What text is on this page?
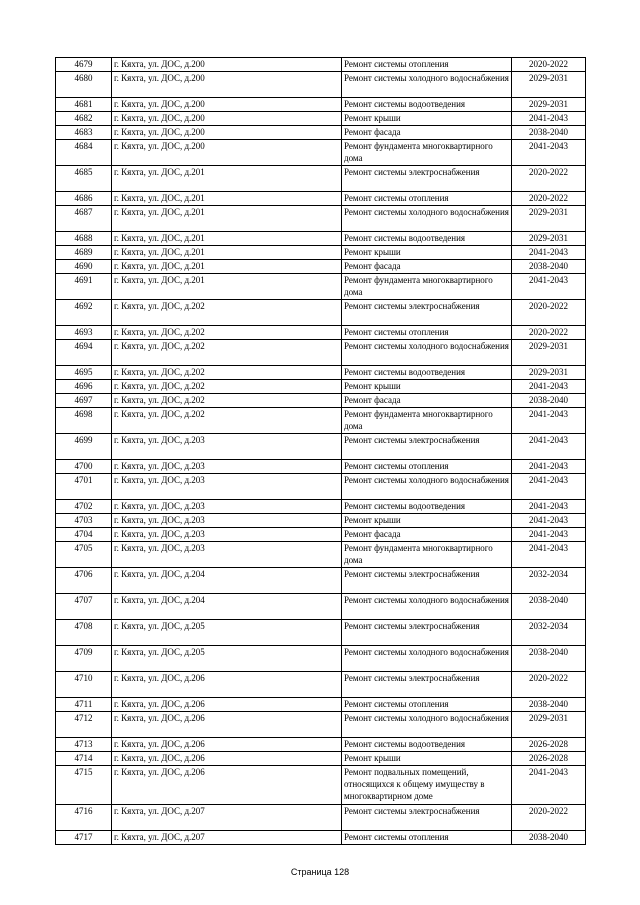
4679	г. Кяхта, ул. ДОС, д.200	Ремонт системы отопления	2020-2022
4680	г. Кяхта, ул. ДОС, д.200	Ремонт системы холодного водоснабжения	2029-2031
4681	г. Кяхта, ул. ДОС, д.200	Ремонт системы водоотведения	2029-2031
4682	г. Кяхта, ул. ДОС, д.200	Ремонт крыши	2041-2043
4683	г. Кяхта, ул. ДОС, д.200	Ремонт фасада	2038-2040
4684	г. Кяхта, ул. ДОС, д.200	Ремонт фундамента многоквартирного дома	2041-2043
4685	г. Кяхта, ул. ДОС, д.201	Ремонт системы электроснабжения	2020-2022
4686	г. Кяхта, ул. ДОС, д.201	Ремонт системы отопления	2020-2022
4687	г. Кяхта, ул. ДОС, д.201	Ремонт системы холодного водоснабжения	2029-2031
4688	г. Кяхта, ул. ДОС, д.201	Ремонт системы водоотведения	2029-2031
4689	г. Кяхта, ул. ДОС, д.201	Ремонт крыши	2041-2043
4690	г. Кяхта, ул. ДОС, д.201	Ремонт фасада	2038-2040
4691	г. Кяхта, ул. ДОС, д.201	Ремонт фундамента многоквартирного дома	2041-2043
4692	г. Кяхта, ул. ДОС, д.202	Ремонт системы электроснабжения	2020-2022
4693	г. Кяхта, ул. ДОС, д.202	Ремонт системы отопления	2020-2022
4694	г. Кяхта, ул. ДОС, д.202	Ремонт системы холодного водоснабжения	2029-2031
4695	г. Кяхта, ул. ДОС, д.202	Ремонт системы водоотведения	2029-2031
4696	г. Кяхта, ул. ДОС, д.202	Ремонт крыши	2041-2043
4697	г. Кяхта, ул. ДОС, д.202	Ремонт фасада	2038-2040
4698	г. Кяхта, ул. ДОС, д.202	Ремонт фундамента многоквартирного дома	2041-2043
4699	г. Кяхта, ул. ДОС, д.203	Ремонт системы электроснабжения	2041-2043
4700	г. Кяхта, ул. ДОС, д.203	Ремонт системы отопления	2041-2043
4701	г. Кяхта, ул. ДОС, д.203	Ремонт системы холодного водоснабжения	2041-2043
4702	г. Кяхта, ул. ДОС, д.203	Ремонт системы водоотведения	2041-2043
4703	г. Кяхта, ул. ДОС, д.203	Ремонт крыши	2041-2043
4704	г. Кяхта, ул. ДОС, д.203	Ремонт фасада	2041-2043
4705	г. Кяхта, ул. ДОС, д.203	Ремонт фундамента многоквартирного дома	2041-2043
4706	г. Кяхта, ул. ДОС, д.204	Ремонт системы электроснабжения	2032-2034
4707	г. Кяхта, ул. ДОС, д.204	Ремонт системы холодного водоснабжения	2038-2040
4708	г. Кяхта, ул. ДОС, д.205	Ремонт системы электроснабжения	2032-2034
4709	г. Кяхта, ул. ДОС, д.205	Ремонт системы холодного водоснабжения	2038-2040
4710	г. Кяхта, ул. ДОС, д.206	Ремонт системы электроснабжения	2020-2022
4711	г. Кяхта, ул. ДОС, д.206	Ремонт системы отопления	2038-2040
4712	г. Кяхта, ул. ДОС, д.206	Ремонт системы холодного водоснабжения	2029-2031
4713	г. Кяхта, ул. ДОС, д.206	Ремонт системы водоотведения	2026-2028
4714	г. Кяхта, ул. ДОС, д.206	Ремонт крыши	2026-2028
4715	г. Кяхта, ул. ДОС, д.206	Ремонт подвальных помещений, относящихся к общему имуществу в многоквартирном доме	2041-2043
4716	г. Кяхта, ул. ДОС, д.207	Ремонт системы электроснабжения	2020-2022
4717	г. Кяхта, ул. ДОС, д.207	Ремонт системы отопления	2038-2040
Страница 128
